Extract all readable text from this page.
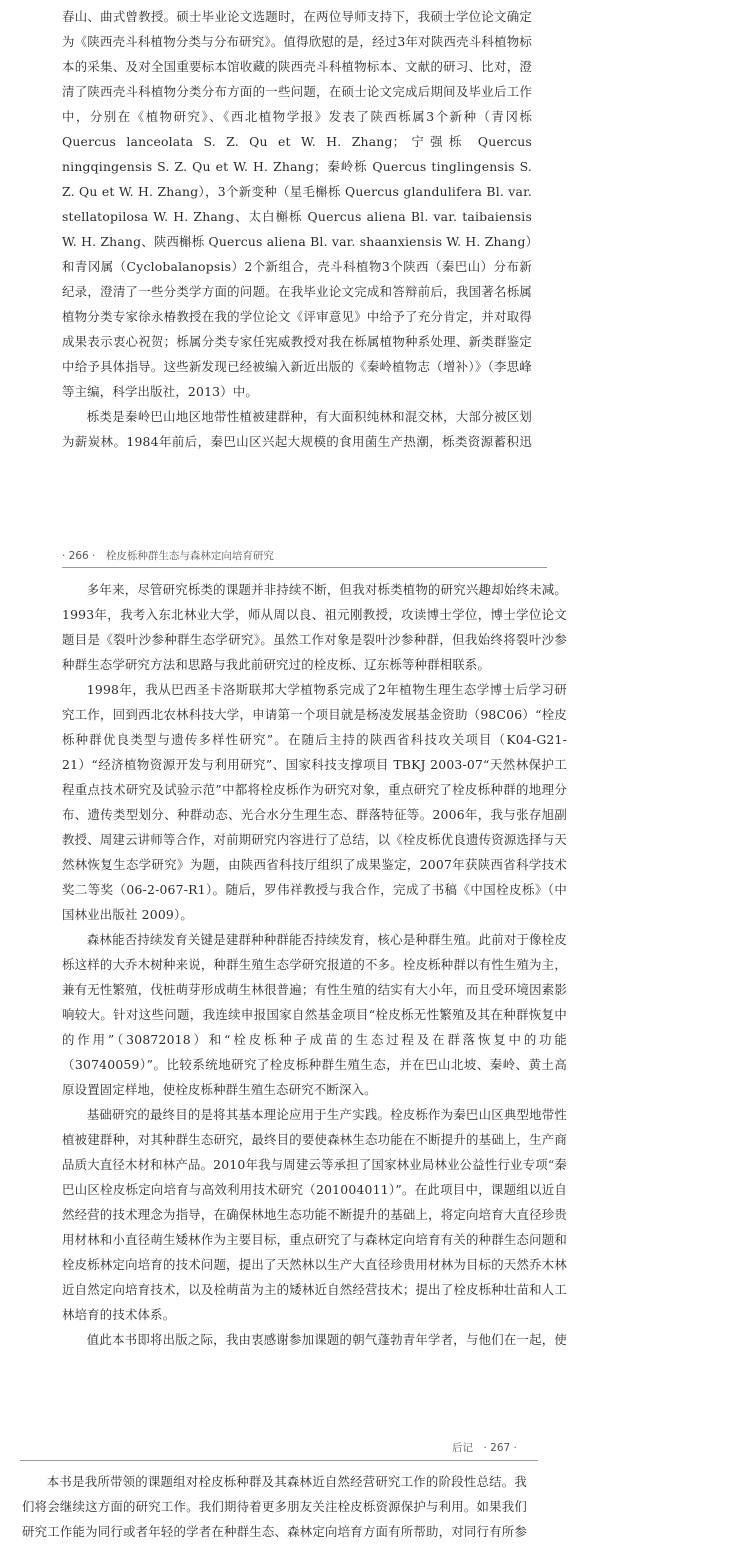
春山、曲式曾教授。硕士毕业论文选题时，在两位导师支持下，我硕士学位论文确定为《陕西壳斗科植物分类与分布研究》。值得欣慰的是，经过3年对陕西壳斗科植物标本的采集、及对全国重要标本馆收藏的陕西壳斗科植物标本、文献的研习、比对，澄清了陕西壳斗科植物分类分布方面的一些问题，在硕士论文完成后期间及毕业后工作中，分别在《植物研究》、《西北植物学报》发表了陕西栎属3个新种（青冈栎 Quercus lanceolata S. Z. Qu et W. H. Zhang；宁强栎 Quercus ningqingensis S. Z. Qu et W. H. Zhang；秦岭栎 Quercus tinglingensis S. Z. Qu et W. H. Zhang），3个新变种（星毛槲栎 Quercus glandulifera Bl. var. stellatopilosa W. H. Zhang、太白槲栎 Quercus aliena Bl. var. taibaiensis W. H. Zhang、陕西槲栎 Quercus aliena Bl. var. shaanxiensis W. H. Zhang）和青冈属（Cyclobalanopsis）2个新组合，壳斗科植物3个陕西（秦巴山）分布新纪录，澄清了一些分类学方面的问题。在我毕业论文完成和答辩前后，我国著名栎属植物分类专家徐永椿教授在我的学位论文《评审意见》中给予了充分肯定，并对取得成果表示衷心祝贺；栎属分类专家任宪威教授对我在栎属植物种系处理、新类群鉴定中给予具体指导。这些新发现已经被编入新近出版的《秦岭植物志（增补）》（李思峰等主编，科学出版社，2013）中。

栎类是秦岭巴山地区地带性植被建群种，有大面积纯林和混交林，大部分被区划为薪炭林。1984年前后，秦巴山区兴起大规模的食用菌生产热潮，栎类资源蓄积迅

· 266 ·　栓皮栎种群生态与森林定向培育研究

多年来，尽管研究栎类的课题并非持续不断，但我对栎类植物的研究兴趣却始终未减。1993年，我考入东北林业大学，师从周以良、祖元刚教授，攻读博士学位，博士学位论文题目是《裂叶沙参种群生态学研究》。虽然工作对象是裂叶沙参种群，但我始终将裂叶沙参种群生态学研究方法和思路与我此前研究过的栓皮栎、辽东栎等种群相联系。

1998年，我从巴西圣卡洛斯联邦大学植物系完成了2年植物生理生态学博士后学习研究工作，回到西北农林科技大学，申请第一个项目就是杨凌发展基金资助（98C06）“栓皮栎种群优良类型与遗传多样性研究”。在随后主持的陕西省科技攻关项目（K04-G21-21）“经济植物资源开发与利用研究”、国家科技支撑项目 TBKJ 2003-07“天然林保护工程重点技术研究及试验示范”中都将栓皮栎作为研究对象，重点研究了栓皮栎种群的地理分布、遗传类型划分、种群动态、光合水分生理生态、群落特征等。2006年，我与张存旭副教授、周建云讲师等合作，对前期研究内容进行了总结，以《栓皮栎优良遗传资源选择与天然林恢复生态学研究》为题，由陕西省科技厅组织了成果鉴定，2007年获陕西省科学技术奖二等奖（06-2-067-R1）。随后，罗伟祥教授与我合作，完成了书稿《中国栓皮栎》（中国林业出版社 2009）。

森林能否持续发育关键是建群种种群能否持续发育，核心是种群生殖。此前对于像栓皮栎这样的大乔木树种来说，种群生殖生态学研究报道的不多。栓皮栎种群以有性生殖为主，兼有无性繁殖，伐桩萌芽形成萌生林很普遍；有性生殖的结实有大小年，而且受环境因素影响较大。针对这些问题，我连续申报国家自然基金项目“栓皮栎无性繁殖及其在种群恢复中的作用”（30872018）和“栓皮栎种子成苗的生态过程及在群落恢复中的功能（30740059）”。比较系统地研究了栓皮栎种群生殖生态，并在巴山北坡、秦岭、黄土高原设置固定样地，使栓皮栎种群生殖生态研究不断深入。

基础研究的最终目的是将其基本理论应用于生产实践。栓皮栎作为秦巴山区典型地带性植被建群种，对其种群生态研究，最终目的要使森林生态功能在不断提升的基础上，生产商品质大直径木材和林产品。2010年我与周建云等承担了国家林业局林业公益性行业专项“秦巴山区栓皮栎定向培育与高效利用技术研究（201004011）”。在此项目中，课题组以近自然经营的技术理念为指导，在确保林地生态功能不断提升的基础上，将定向培育大直径珍贵用材林和小直径萌生矮林作为主要目标，重点研究了与森林定向培育有关的种群生态问题和栓皮栎林定向培育的技术问题，提出了天然林以生产大直径珍贵用材林为目标的天然乔木林近自然定向培育技术，以及栓萌苗为主的矮林近自然经营技术；提出了栓皮栎种壮苗和人工林培育的技术体系。

值此本书即将出版之际，我由衷感谢参加课题的朝气蓬勃青年学者，与他们在一起，使

后记　· 267 ·

本书是我所带领的课题组对栓皮栎种群及其森林近自然经营研究工作的阶段性总结。我们将会继续这方面的研究工作。我们期待着更多朋友关注栓皮栎资源保护与利用。如果我们研究工作能为同行或者年轻的学者在种群生态、森林定向培育方面有所帮助，对同行有所参
